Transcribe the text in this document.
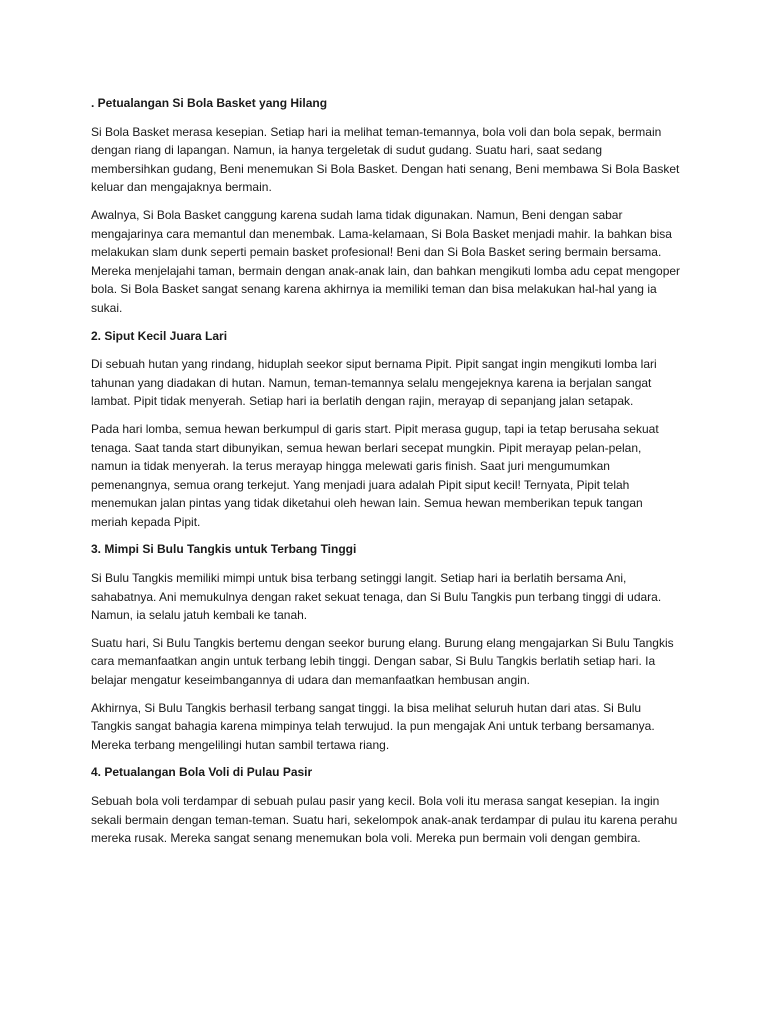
. Petualangan Si Bola Basket yang Hilang

Si Bola Basket merasa kesepian. Setiap hari ia melihat teman-temannya, bola voli dan bola sepak, bermain dengan riang di lapangan. Namun, ia hanya tergeletak di sudut gudang. Suatu hari, saat sedang membersihkan gudang, Beni menemukan Si Bola Basket. Dengan hati senang, Beni membawa Si Bola Basket keluar dan mengajaknya bermain.

Awalnya, Si Bola Basket canggung karena sudah lama tidak digunakan. Namun, Beni dengan sabar mengajarinya cara memantul dan menembak. Lama-kelamaan, Si Bola Basket menjadi mahir. Ia bahkan bisa melakukan slam dunk seperti pemain basket profesional! Beni dan Si Bola Basket sering bermain bersama. Mereka menjelajahi taman, bermain dengan anak-anak lain, dan bahkan mengikuti lomba adu cepat mengoper bola. Si Bola Basket sangat senang karena akhirnya ia memiliki teman dan bisa melakukan hal-hal yang ia sukai.

2. Siput Kecil Juara Lari

Di sebuah hutan yang rindang, hiduplah seekor siput bernama Pipit. Pipit sangat ingin mengikuti lomba lari tahunan yang diadakan di hutan. Namun, teman-temannya selalu mengejeknya karena ia berjalan sangat lambat. Pipit tidak menyerah. Setiap hari ia berlatih dengan rajin, merayap di sepanjang jalan setapak.

Pada hari lomba, semua hewan berkumpul di garis start. Pipit merasa gugup, tapi ia tetap berusaha sekuat tenaga. Saat tanda start dibunyikan, semua hewan berlari secepat mungkin. Pipit merayap pelan-pelan, namun ia tidak menyerah. Ia terus merayap hingga melewati garis finish. Saat juri mengumumkan pemenangnya, semua orang terkejut. Yang menjadi juara adalah Pipit siput kecil! Ternyata, Pipit telah menemukan jalan pintas yang tidak diketahui oleh hewan lain. Semua hewan memberikan tepuk tangan meriah kepada Pipit.

3. Mimpi Si Bulu Tangkis untuk Terbang Tinggi

Si Bulu Tangkis memiliki mimpi untuk bisa terbang setinggi langit. Setiap hari ia berlatih bersama Ani, sahabatnya. Ani memukulnya dengan raket sekuat tenaga, dan Si Bulu Tangkis pun terbang tinggi di udara. Namun, ia selalu jatuh kembali ke tanah.

Suatu hari, Si Bulu Tangkis bertemu dengan seekor burung elang. Burung elang mengajarkan Si Bulu Tangkis cara memanfaatkan angin untuk terbang lebih tinggi. Dengan sabar, Si Bulu Tangkis berlatih setiap hari. Ia belajar mengatur keseimbangannya di udara dan memanfaatkan hembusan angin.

Akhirnya, Si Bulu Tangkis berhasil terbang sangat tinggi. Ia bisa melihat seluruh hutan dari atas. Si Bulu Tangkis sangat bahagia karena mimpinya telah terwujud. Ia pun mengajak Ani untuk terbang bersamanya. Mereka terbang mengelilingi hutan sambil tertawa riang.

4. Petualangan Bola Voli di Pulau Pasir

Sebuah bola voli terdampar di sebuah pulau pasir yang kecil. Bola voli itu merasa sangat kesepian. Ia ingin sekali bermain dengan teman-teman. Suatu hari, sekelompok anak-anak terdampar di pulau itu karena perahu mereka rusak. Mereka sangat senang menemukan bola voli. Mereka pun bermain voli dengan gembira.
